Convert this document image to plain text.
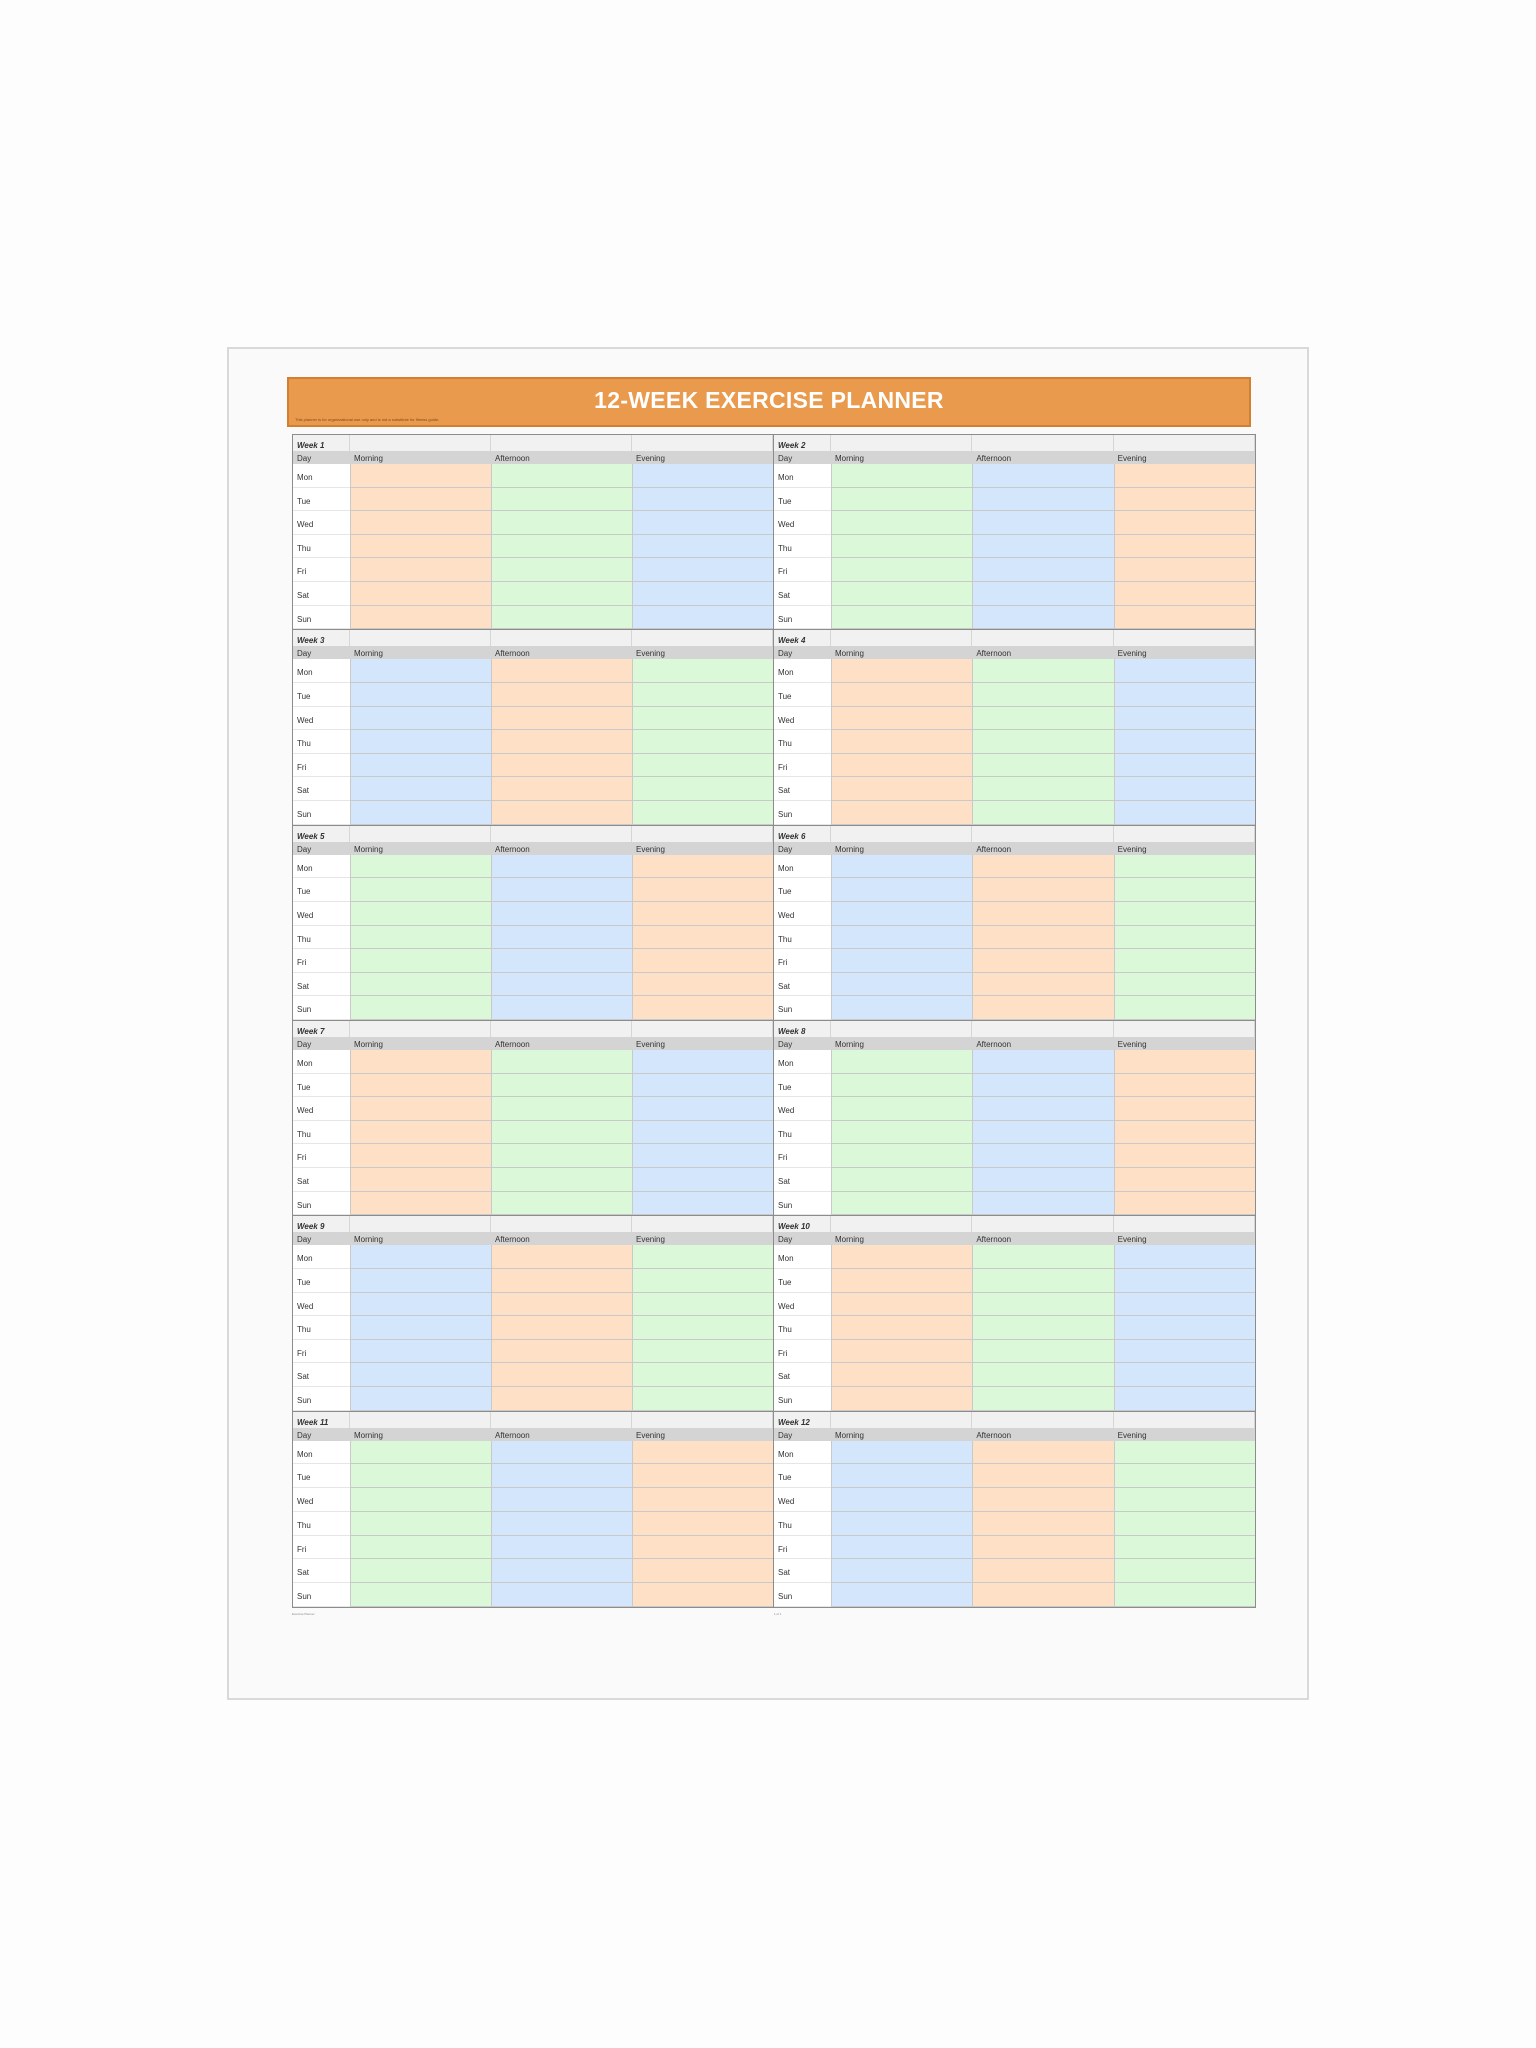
12-WEEK EXERCISE PLANNER
This planner is for organizational use only and is not a substitute for fitness guide.
Week 1
Day	Morning	Afternoon	Evening
Mon
Tue
Wed
Thu
Fri
Sat
Sun
Week 2
Day	Morning	Afternoon	Evening
Mon
Tue
Wed
Thu
Fri
Sat
Sun
Week 3
Day	Morning	Afternoon	Evening
Mon
Tue
Wed
Thu
Fri
Sat
Sun
Week 4
Day	Morning	Afternoon	Evening
Mon
Tue
Wed
Thu
Fri
Sat
Sun
Week 5
Day	Morning	Afternoon	Evening
Mon
Tue
Wed
Thu
Fri
Sat
Sun
Week 6
Day	Morning	Afternoon	Evening
Mon
Tue
Wed
Thu
Fri
Sat
Sun
Week 7
Day	Morning	Afternoon	Evening
Mon
Tue
Wed
Thu
Fri
Sat
Sun
Week 8
Day	Morning	Afternoon	Evening
Mon
Tue
Wed
Thu
Fri
Sat
Sun
Week 9
Day	Morning	Afternoon	Evening
Mon
Tue
Wed
Thu
Fri
Sat
Sun
Week 10
Day	Morning	Afternoon	Evening
Mon
Tue
Wed
Thu
Fri
Sat
Sun
Week 11
Day	Morning	Afternoon	Evening
Mon
Tue
Wed
Thu
Fri
Sat
Sun
Week 12
Day	Morning	Afternoon	Evening
Mon
Tue
Wed
Thu
Fri
Sat
Sun
Exercise Planner	1 of 1
